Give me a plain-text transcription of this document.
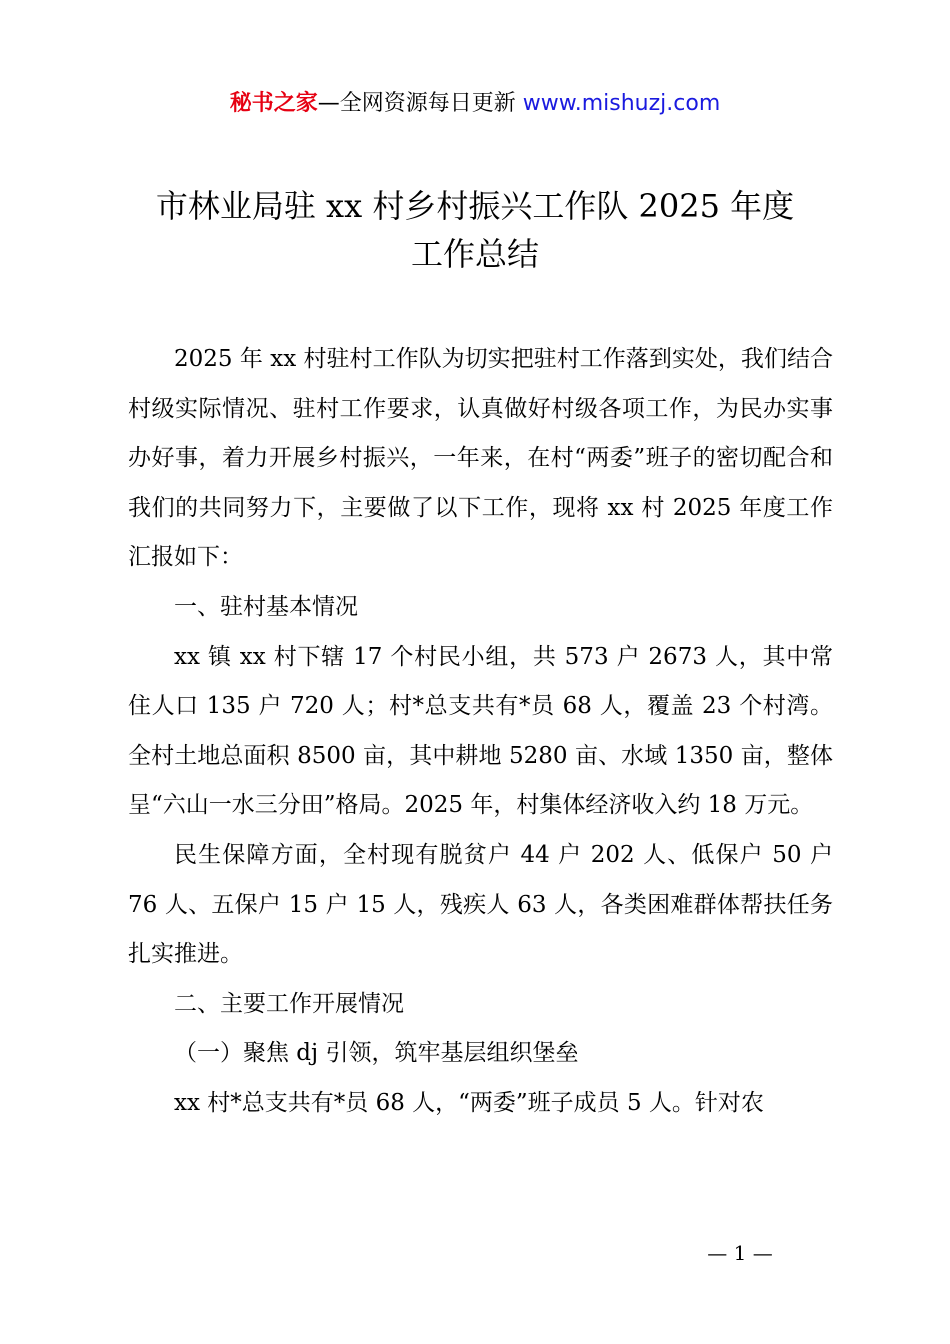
秘书之家—全网资源每日更新 www.mishuzj.com
市林业局驻 xx 村乡村振兴工作队 2025 年度
工作总结

2025 年 xx 村驻村工作队为切实把驻村工作落到实处，我们结合村级实际情况、驻村工作要求，认真做好村级各项工作，为民办实事办好事，着力开展乡村振兴，一年来，在村“两委”班子的密切配合和我们的共同努力下，主要做了以下工作，现将 xx 村 2025 年度工作汇报如下：

一、驻村基本情况

xx 镇 xx 村下辖 17 个村民小组，共 573 户 2673 人，其中常住人口 135 户 720 人；村*总支共有*员 68 人，覆盖 23 个村湾。全村土地总面积 8500 亩，其中耕地 5280 亩、水域 1350 亩，整体呈“六山一水三分田”格局。2025 年，村集体经济收入约 18 万元。

民生保障方面，全村现有脱贫户 44 户 202 人、低保户 50 户 76 人、五保户 15 户 15 人，残疾人 63 人，各类困难群体帮扶任务扎实推进。

二、主要工作开展情况

（一）聚焦 dj 引领，筑牢基层组织堡垒

xx 村*总支共有*员 68 人，“两委”班子成员 5 人。针对农

— 1 —
